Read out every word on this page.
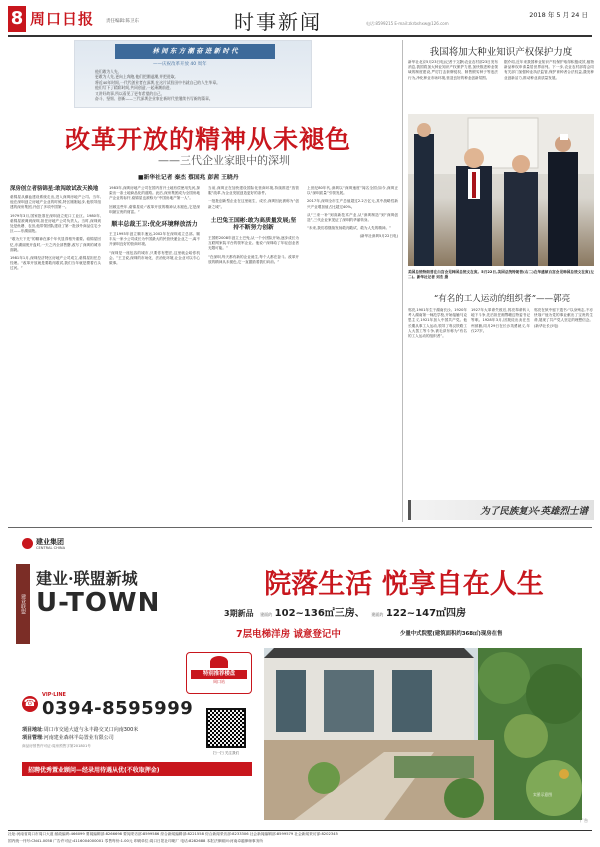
8 周口日报	责任编辑:陈卫东	时事新闻	2018 年 5 月 24 日
电话:8599215 E-mail:zkrbshxw@126.com
林 间 东 方 潮 奋 进 新 时 代
——庆祝改革开放 40 周年
他们敢为人先,
更敢为人先,更向上奔跑,他们把潮退潮,并把进取,
将近40年时间,一代代创业者在深圳,在这片试验田中书就自己的人生华章。
他们写下了精彩时间,共同创造,一起乘潮前进,
又讲好故事,所以看见了更有希望的自己,
奋斗、坚韧、创新——三代深圳企业家在新时代里继续书写新的篇章。
改革开放的精神从未褪色
——三代企业家眼中的深圳
■新华社记者 秦杰 蔡国兆 彭茜 王晓丹
深房创立者骆锦星:敢闯敢试改天换地

骆锦星从潮汕建设系统走出,进入深圳房地产公司。当年,他在深圳创立房地产企业的时候,特区刚刚起步,他领导组建的深房集团,开创了多项中国第一。

1979年3月,国家批准在深圳设立蛇口工业区。1980年,骆锦星被调到深圳,担任房地产公司负责人。当时,深圳到处是鱼塘、农田,他带领团队建设了第一批涉外商品住宅小区——东湖丽苑。

“敢为天下先”的精神在那个年代显得格外重要。骆锦星回忆,东湖丽苑开盘时,一天之内全部售罄,改写了深圳的城市面貌。

1981年1月,深圳经济特区房地产公司成立,骆锦星担任总经理。“改革开放就是要敢闯敢试,我们当年就是摸着石头过河。”

1983年,深圳房地产公司在国内首开土地有偿使用先河,探索出一条土地商品化的道路。此后,深房集团成为全国房地产企业的标杆,骆锦星也被称为“中国房地产第一人”。

回顾这些年,骆锦星说:“改革开放的精神从未褪色,它是深圳最宝贵的财富。”

顺丰总裁王卫:优化环境释放活力

王卫1993年创立顺丰速运,2002年在深圳成立总部。顺丰从一家小公司成长为中国最大的民营快递企业之一,离不开深圳良好的营商环境。

“深圳是一座包容的城市,只要你有想法,这里就会给你机会。”王卫说,深圳的市场化、法治化环境,让企业可以专心做事。

当前,深圳正在加快建设国际化营商环境,持续推进“放管服”改革,为企业发展创造更好的条件。

一批批创新型企业在这里诞生、成长,深圳因此被称为“创新之城”。

土巴兔王国彬:敢为高质量发展;坚持不断努力创新

王国彬2008年创立土巴兔,从一个小团队开始,逐步成长为互联网家装平台的领军企业。他说:“深圳给了年轻创业者无限可能。”

“在深圳,每天都有新的企业诞生,每个人都在奋斗。改革开放的精神从未褪色,它一直激励着我们向前。”

上世纪80年代,深圳以“深圳速度”闻名全国;如今,深圳正以“深圳质量”引领发展。

2017年,深圳全市生产总值超过2.2万亿元,其中战略性新兴产业增加值占比超过40%。

从“三来一补”到高新技术产业,从“深圳制造”到“深圳创造”,三代企业家见证了深圳的华丽转身。

“未来,我们将继续发扬敢闯敢试、敢为人先的精神。”

(新华社深圳5月22日电)

我国将加大种业知识产权保护力度

新华社北京5月23日电(记者于文静)农业农村部23日发布消息,我国将加大种业知识产权保护力度,加快推进种业领域的制度建设,严厉打击套牌侵权、制售假劣种子等违法行为,净化种业市场环境,营造良好的种业创新氛围。

据介绍,近年来我国种业知识产权保护取得积极成效,植物新品种权申请量居世界前列。下一步,农业农村部将会同有关部门加强种业执法监管,保护育种者合法权益,激发种业创新活力,推动种业高质量发展。

美国总统特朗普在白宫会见韩国总统文在寅。5月22日,美国总统特朗普(右二)在华盛顿白宫会见韩国总统文在寅(左二)。新华社记者 刘杰 摄

“有名的工人运动的组织者”——郭亮

郭亮,1901年生于湖南长沙。1920年考入湖南第一师范学校,开始接触马克思主义,1921年加入中国共产党。他长期从事工人运动,领导了粤汉铁路工人大罢工等斗争,被毛泽东称为“有名的工人运动的组织者”。

1927年大革命失败后,郭亮奉命转入地下斗争,先后担任湘鄂赣边特委书记等职。1928年3月,因叛徒出卖在岳州被捕,同月29日在长沙英勇就义,年仅27岁。

郭亮在狱中留下遗书:“以身殉志,不亦快哉!”他为党的事业献出了宝贵的生命,展现了共产党人坚定的理想信念。(新华社长沙电)

为了民族复兴·英雄烈士谱
建业集团
CENTRAL CHINA
建业联盟
建业·联盟新城
U-TOWN
院落生活 悦享自在人生
3期新品 建面约 102~136㎡三房、 建面约 122~147㎡四房
7层电梯洋房 诚意登记中	少量中式院墅(建筑面积约368㎡)现房在售
特别推荐楼盘
周口站
VIP·LINE
☎ 0394-8595999
扫一扫 关注我们
项目地址:周口市交通大道与永丰路交叉口向南300米
项目管理:河南建业森林半岛置业有限公司
商品房预售许可证:周房预售字第201801号
招聘优秀置业顾问—经录用待遇从优(不收取押金)
实景示意图
广告
社址:河南省周口市周口大道 邮政编码:466099 要闻编辑部:8266698 要闻采访部:8599586 综合新闻编辑部:8221558 综合新闻采访部:8233306 社会新闻编辑部:8599579 社会新闻采访部:8202345
国内统一刊号:CN41-0058 广告许可证:4116004000001 零售每份:1.00元 印刷单位:周口日报社印刷厂 电话:8282688 本报法律顾问:河南卓越律师事务所
